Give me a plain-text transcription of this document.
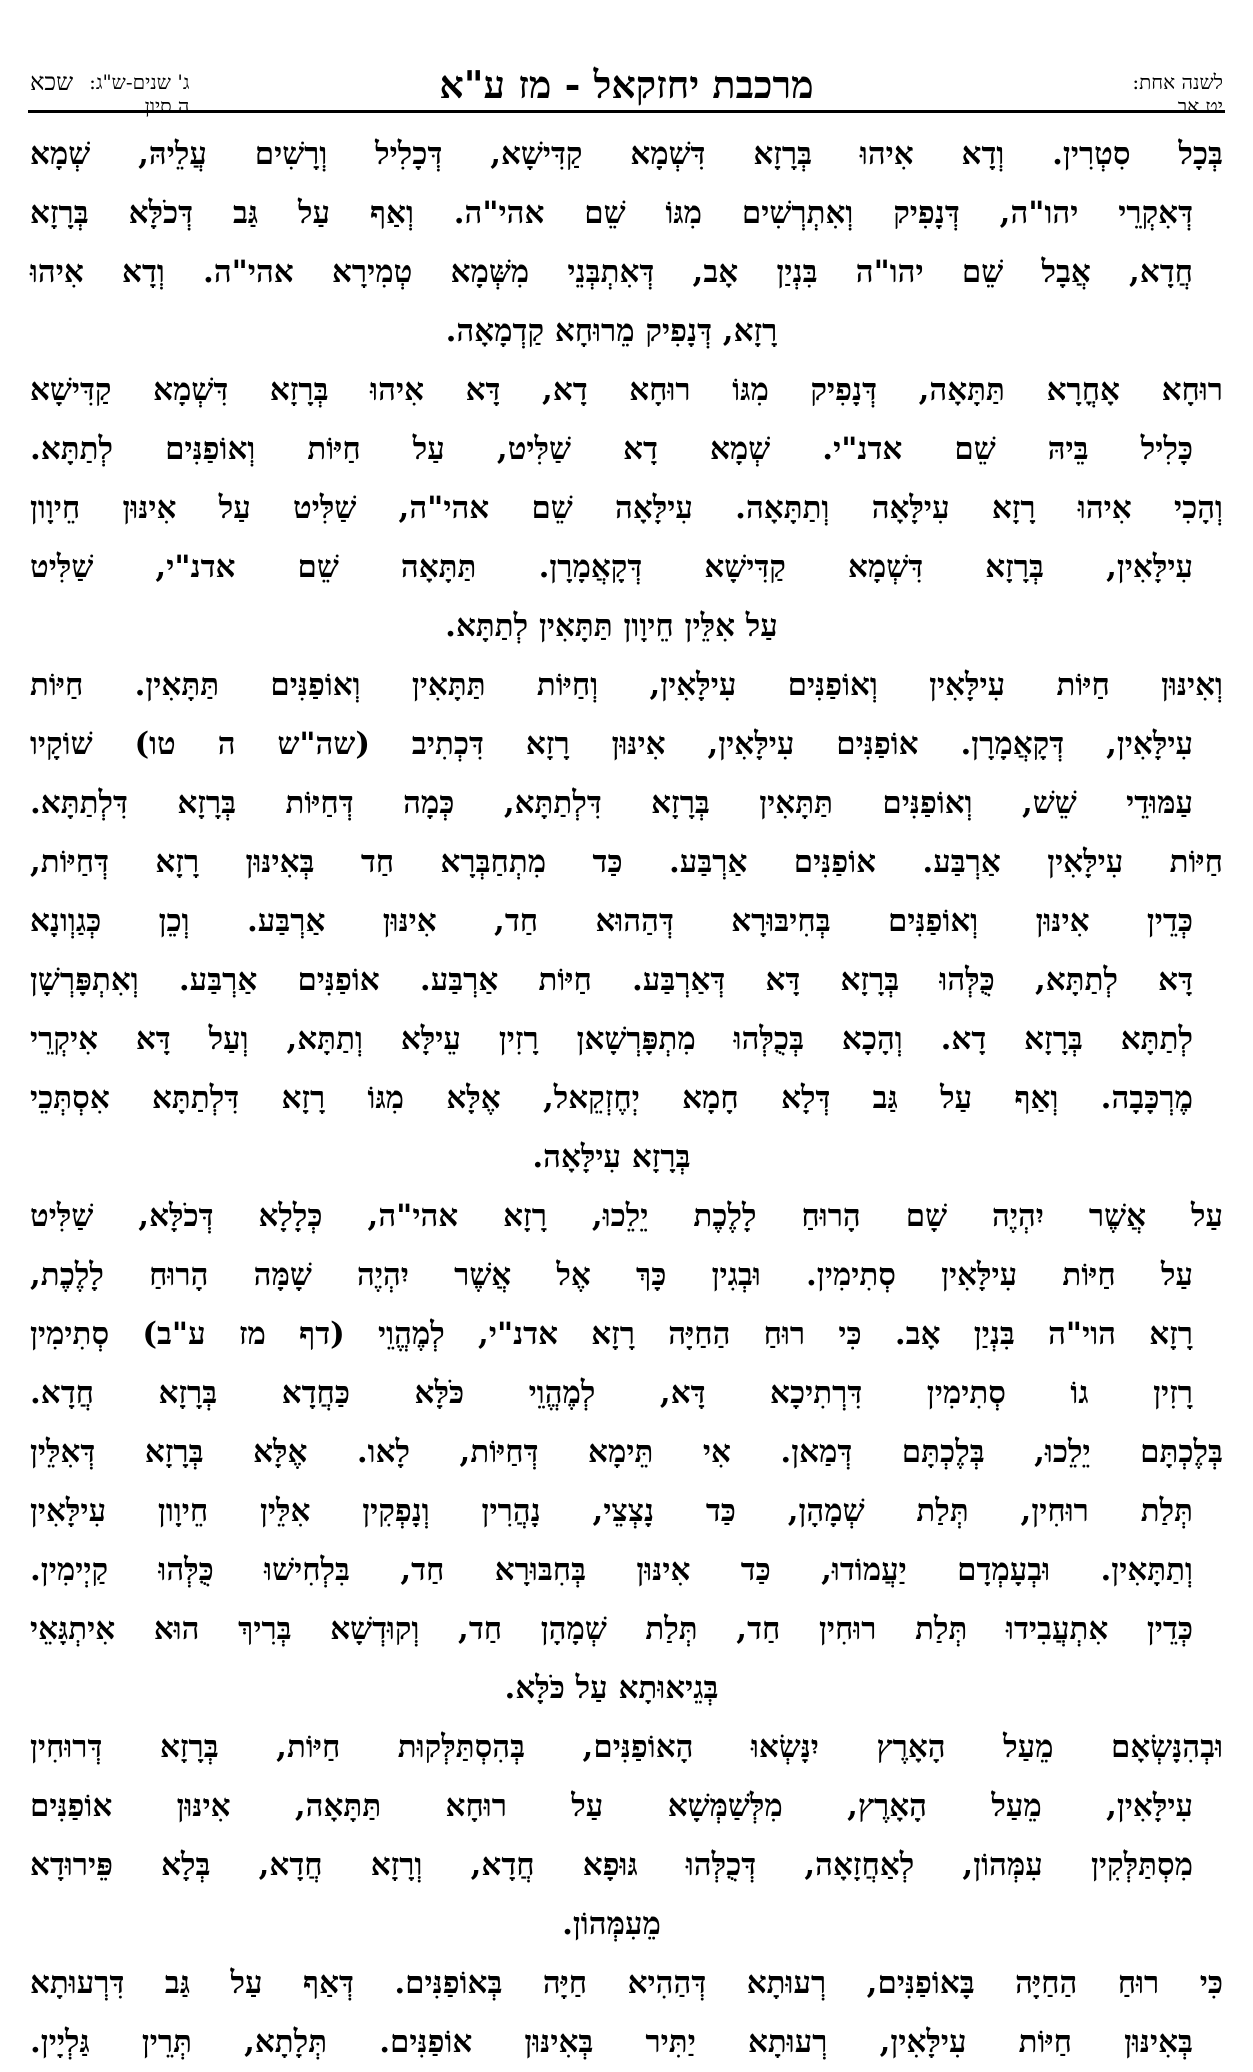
לשנה אחת:
יט אב
מרכבת יחזקאל - מז ע"א
שכא ג' שנים-ש"ג:
ה סיון
בְּכָל סִטְרִין. וְדָא אִיהוּ בְּרָזָא דִּשְׁמָא קַדִּישָׁא, דְּכָלִיל וְרָשִׁים עֲלֵיהּ, שְׁמָא
דְּאִקְרֵי יהו"ה, דְּנָפִיק וְאִתְרְשִׁים מִגּוֹ שֵׁם אהי"ה. וְאַף עַל גַּב דְּכֹלָּא בְּרָזָא
חֲדָא, אֲבָל שֵׁם יהו"ה בִּנְיַן אָב, דְּאִתְבְּנֵי מִשְּׁמָא טְמִירָא אהי"ה. וְדָא אִיהוּ
רָזָא, דְּנָפִיק מֵרוּחָא קַדְמָאָה.
רוּחָא אָחֳרָא תַּתָּאָה, דְּנָפִיק מִגּוֹ רוּחָא דָא, דָּא אִיהוּ בְּרָזָא דִּשְׁמָא קַדִּישָׁא
כָּלִיל בֵּיהּ שֵׁם אדנ"י. שְׁמָא דָא שַׁלִּיט, עַל חַיּוֹת וְאוֹפַנִּים לְתַתָּא.
וְהָכִי אִיהוּ רָזָא עִילָּאָה וְתַתָּאָה. עִילָּאָה שֵׁם אהי"ה, שַׁלִּיט עַל אִינּוּן חֵיוָון
עִילָּאִין, בְּרָזָא דִּשְׁמָא קַדִּישָׁא דְּקָאֲמָרָן. תַּתָּאָה שֵׁם אדנ"י, שַׁלִּיט
עַל אִלֵּין חֵיוָון תַּתָּאִין לְתַתָּא.
וְאִינּוּן חַיּוֹת עִילָּאִין וְאוֹפַנִּים עִילָּאִין, וְחַיּוֹת תַּתָּאִין וְאוֹפַנִּים תַּתָּאִין. חַיּוֹת
עִילָּאִין, דְּקָאֲמָרָן. אוֹפַנִּים עִילָּאִין, אִינּוּן רָזָא דִּכְתִיב (שה"ש ה טו) שׁוֹקָיו
עַמּוּדֵי שֵׁשׁ, וְאוֹפַנִּים תַּתָּאִין בְּרָזָא דִּלְתַתָּא, כְּמָה דְּחַיּוֹת בְּרָזָא דִּלְתַתָּא.
חַיּוֹת עִילָּאִין אַרְבַּע. אוֹפַנִּים אַרְבַּע. כַּד מִתְחַבְּרָא חַד בְּאִינּוּן רָזָא דְּחַיּוֹת,
כְּדֵין אִינּוּן וְאוֹפַנִּים בְּחִיבּוּרָא דְּהַהוּא חַד, אִינּוּן אַרְבַּע. וְכֵן כְּגַוְונָא
דָּא לְתַתָּא, כֻּלְּהוּ בְּרָזָא דָּא דְּאַרְבַּע. חַיּוֹת אַרְבַּע. אוֹפַנִּים אַרְבַּע. וְאִתְפָּרְשָׁן
לְתַתָּא בְּרָזָא דָא. וְהָכָא בְּכֻלְּהוּ מִתְפָּרְשָׁאן רָזִין עֵילָּא וְתַתָּא, וְעַל דָּא אִיקְרֵי
מֶרְכָּבָה. וְאַף עַל גַּב דְּלָא חָמָא יְחֶזְקֵאל, אֶלָּא מִגּוֹ רָזָא דִּלְתַתָּא אִסְתְּכֵי
בְּרָזָא עִילָּאָה.
עַל אֲשֶׁר יִהְיֶה שָׁם הָרוּחַ לָלֶכֶת יֵלֵכוּ, רָזָא אהי"ה, כְּלָלָא דְּכֹלָּא, שַׁלִּיט
עַל חַיּוֹת עִילָּאִין סְתִימִין. וּבְגִין כָּךְ אֶל אֲשֶׁר יִהְיֶה שָׁמָּה הָרוּחַ לָלֶכֶת,
רָזָא הוי"ה בִּנְיַן אָב. כִּי רוּחַ הַחַיָּה רָזָא אדנ"י, לְמֶהֱוֵי (דף מז ע"ב) סְתִימִין
רָזִין גוֹ סְתִימִין דִּרְתִיכָא דָּא, לְמֶהֱוֵי כֹּלָּא כַּחֲדָא בְּרָזָא חֲדָא.
בְּלֶכְתָּם יֵלֵכוּ, בְּלֶכְתָּם דְּמַאן. אִי תֵּימָא דְּחַיּוֹת, לָאו. אֶלָּא בְּרָזָא דְּאִלֵּין
תְּלַת רוּחִין, תְּלַת שְׁמָהָן, כַּד נָצְצֵי, נָהֲרִין וְנָפְקִין אִלֵּין חֵיוָון עִילָּאִין
וְתַתָּאִין. וּבְעָמְדָם יַעֲמוֹדוּ, כַּד אִינּוּן בְּחִבּוּרָא חַד, בִּלְחִישׁוּ כֻּלְּהוּ קַיְימִין.
כְּדֵין אִתְעֲבִידוּ תְּלַת רוּחִין חַד, תְּלַת שְׁמָהָן חַד, וְקוּדְשָׁא בְּרִיךְ הוּא אִיתְגָּאֵי
בְּגֵיאוּתָא עַל כֹּלָּא.
וּבְהִנָּשְׂאָם מֵעַל הָאָרֶץ יִנָּשְׂאוּ הָאוֹפַנִּים, בְּהִסְתַּלְּקוּת חַיּוֹת, בְּרָזָא דְּרוּחִין
עִילָּאִין, מֵעַל הָאָרֶץ, מִלְּשַׁמְּשָׁא עַל רוּחָא תַּתָּאָה, אִינּוּן אוֹפַנִּים
מִסְתַּלְּקִין עִמְּהוֹן, לְאַחֲזָאָה, דְּכֻלְּהוּ גּוּפָא חֲדָא, וְרָזָא חֲדָא, בְּלָא פֵּירוּדָא
מֵעִמְּהוֹן.
כִּי רוּחַ הַחַיָּה בָּאוֹפַנִּים, רְעוּתָא דְּהַהִיא חַיָּה בְּאוֹפַנִּים. דְּאַף עַל גַּב דִּרְעוּתָא
בְּאִינּוּן חַיּוֹת עִילָּאִין, רְעוּתָא יַתִּיר בְּאִינּוּן אוֹפַנִּים. תְּלָתָא, תְּרֵין גַּלְיָין.
